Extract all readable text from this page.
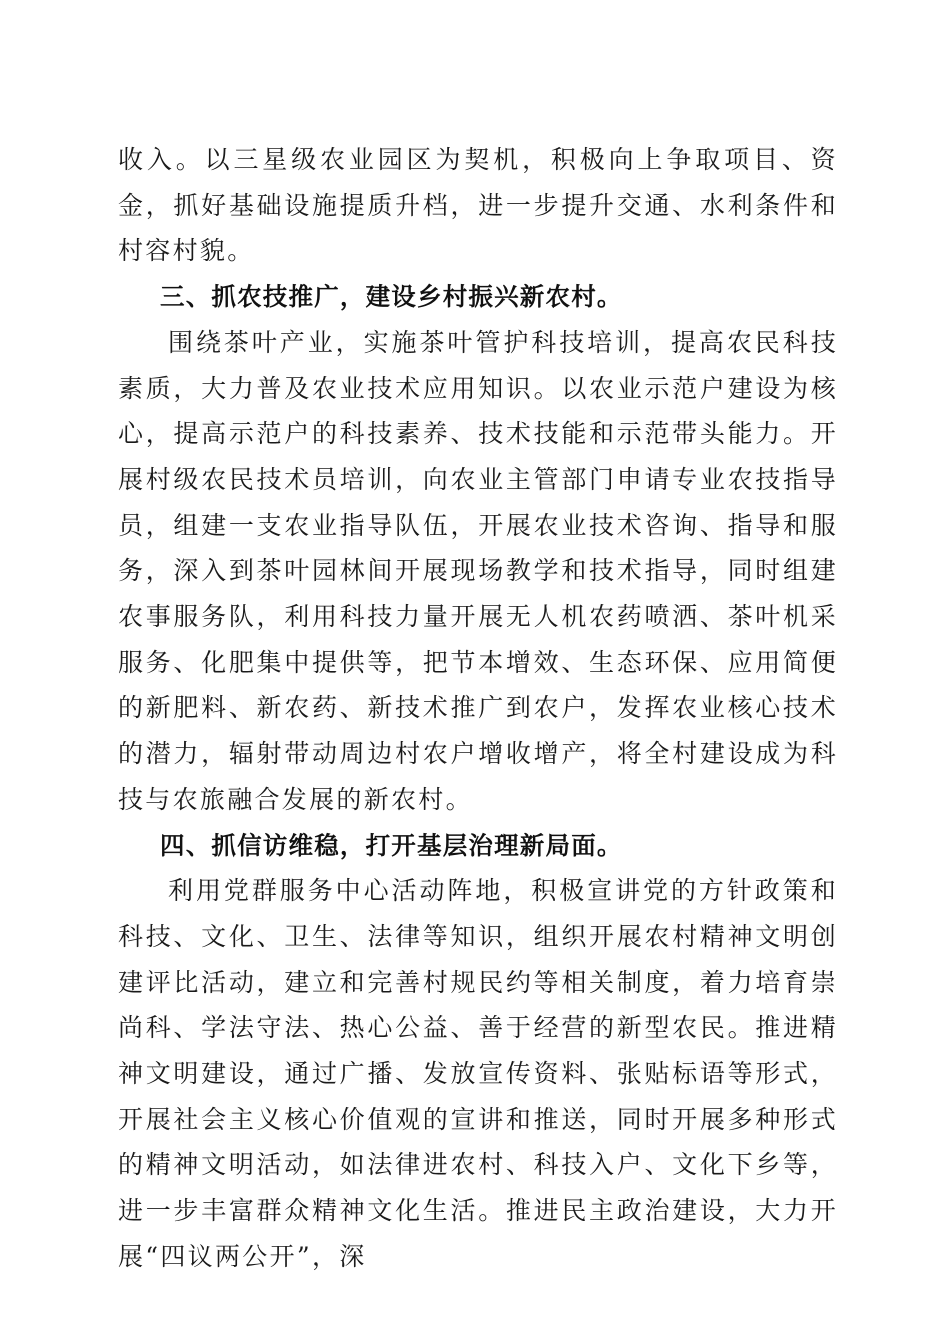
收入。以三星级农业园区为契机，积极向上争取项目、资金，抓好基础设施提质升档，进一步提升交通、水利条件和村容村貌。

三、抓农技推广，建设乡村振兴新农村。

围绕茶叶产业，实施茶叶管护科技培训，提高农民科技素质，大力普及农业技术应用知识。以农业示范户建设为核心，提高示范户的科技素养、技术技能和示范带头能力。开展村级农民技术员培训，向农业主管部门申请专业农技指导员，组建一支农业指导队伍，开展农业技术咨询、指导和服务，深入到茶叶园林间开展现场教学和技术指导，同时组建农事服务队，利用科技力量开展无人机农药喷洒、茶叶机采服务、化肥集中提供等，把节本增效、生态环保、应用简便的新肥料、新农药、新技术推广到农户，发挥农业核心技术的潜力，辐射带动周边村农户增收增产，将全村建设成为科技与农旅融合发展的新农村。

四、抓信访维稳，打开基层治理新局面。

利用党群服务中心活动阵地，积极宣讲党的方针政策和科技、文化、卫生、法律等知识，组织开展农村精神文明创建评比活动，建立和完善村规民约等相关制度，着力培育崇尚科、学法守法、热心公益、善于经营的新型农民。推进精神文明建设，通过广播、发放宣传资料、张贴标语等形式，开展社会主义核心价值观的宣讲和推送，同时开展多种形式的精神文明活动，如法律进农村、科技入户、文化下乡等，进一步丰富群众精神文化生活。推进民主政治建设，大力开展“四议两公开”，深
